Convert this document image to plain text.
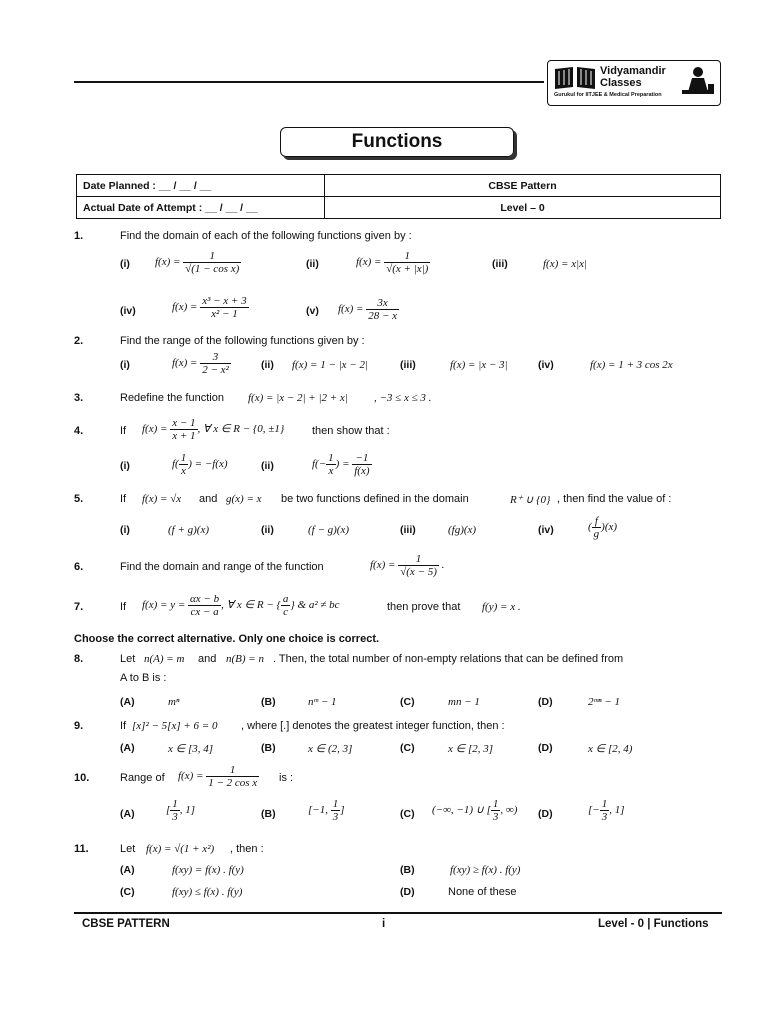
Vidyamandir
Classes
Gurukul for IITJEE & Medical Preparation
Functions
Date Planned : __ / __ / __	CBSE Pattern
Actual Date of Attempt : __ / __ / __	Level – 0
1.	Find the domain of each of the following functions given by :
(i) $f(x) = \frac{1}{\text{√(1 − cos x)}}$	(ii)	$f(x) = \frac{1}{√(x + |x|)}$	(iii)	f(x) = x|x|
(iv)	$f(x) = \frac{\text{x³ − x + 3}}{\text{x² − 1}}$	(v) $f(x) = \frac{3x}{28 - x}$
2.	Find the range of the following functions given by :
(i)	$f(x) = \frac{3}{\text{2 − x²}}$	(ii) f(x) = 1 − |x − 2|	(iii)	f(x) = |x − 3|	(iv)	f(x) = 1 + 3 cos 2x
3.	Redefine the function f(x) = |x − 2| + |2 + x| , −3 ≤ x ≤ 3 .
4.	If $f(x) = \frac{x - 1}{x + 1}$ , ∀ x ∈ R − {0, ±1}	then show that :
(i)	$f( \frac{1}{x}$ ) = −f(x)	(ii)	$f(- \frac{1}{x}$ ) = $\frac{-1}{f(x)}$
5.	If f(x) = √x and g(x) = x be two functions defined in the domain	R⁺ ∪ {0} , then find the value of :
(i)	(f + g)(x)	(ii)	(f − g)(x)	(iii)	(fg)(x)	(iv)	( $\frac{f}{g} )(x)$
6.	Find the domain and range of the function	$f(x) = \frac{1}{√(x - 5)}$ .
7.	If $f(x) = y = \frac{\alpha x - b}{cx - a}$ , ∀ x ∈ R − { $\frac{a}{c}$ } & a² ≠ bc	then prove that f(y) = x .
Choose the correct alternative. Only one choice is correct.
8.	Let n(A) = m and n(B) = n . Then, the total number of non-empty relations that can be defined from
A to B is :
(A)	mⁿ	(B)	nᵐ − 1	(C)	mn − 1	(D)	2ᵐⁿ − 1
9.	If [x]² − 5[x] + 6 = 0 , where [.] denotes the greatest integer function, then :
(A)	x ∈ [3, 4]	(B)	x ∈ (2, 3]	(C)	x ∈ [2, 3]	(D)	x ∈ [2, 4)
10.	Range of $f(x) = \frac{1}{\text{1 − 2 cos x}}$ is :
(A)	[ $\frac{1}{3}$ , 1]	(B)	[−1, $\frac{1}{3}$ ]	(C) (−∞, −1) ∪ [ $\frac{1}{3}$ , ∞) (D)	[− $\frac{1}{3}$ , 1]
11.	Let f(x) = √(1 + x²) , then :
(A)	f(xy) = f(x) . f(y)	(B)	f(xy) ≥ f(x) . f(y)
(C)	f(xy) ≤ f(x) . f(y)	(D)	None of these
CBSE PATTERN	i	Level - 0 | Functions
